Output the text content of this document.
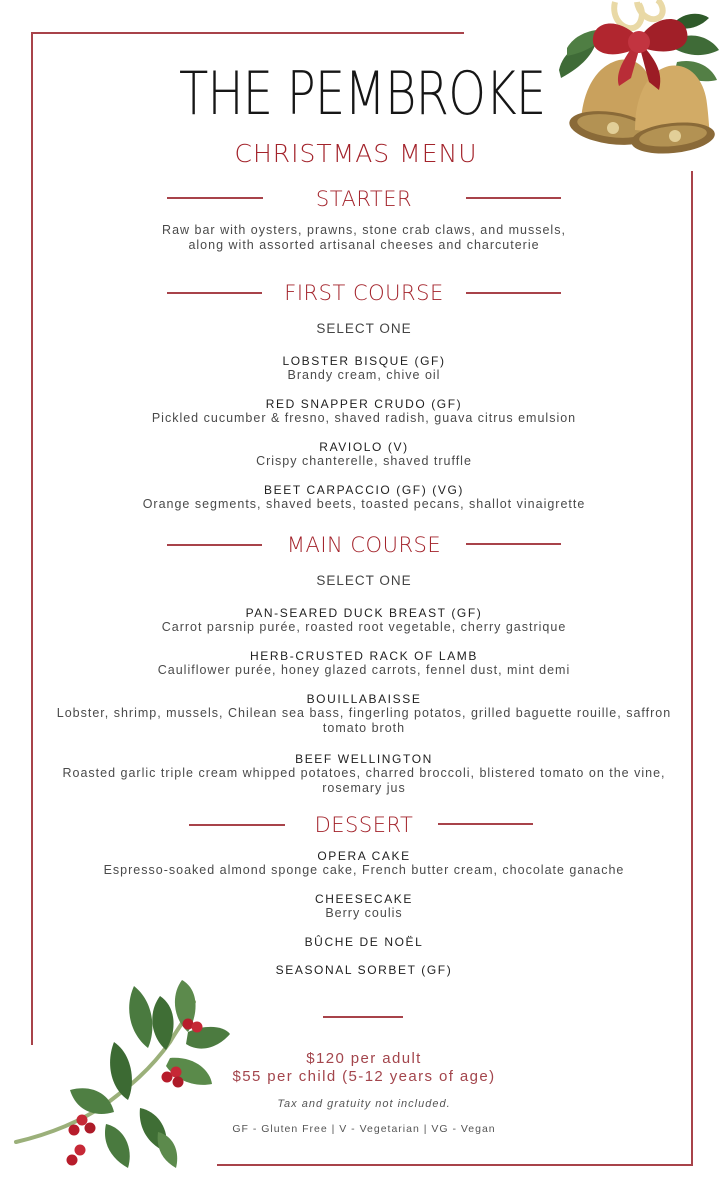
THE PEMBROKE
CHRISTMAS MENU
STARTER
Raw bar with oysters, prawns, stone crab claws, and mussels,
along with assorted artisanal cheeses and charcuterie
FIRST COURSE
SELECT ONE
LOBSTER BISQUE (GF)
Brandy cream, chive oil
RED SNAPPER CRUDO (GF)
Pickled cucumber & fresno, shaved radish, guava citrus emulsion
RAVIOLO (V)
Crispy chanterelle, shaved truffle
BEET CARPACCIO (GF) (VG)
Orange segments, shaved beets, toasted pecans, shallot vinaigrette
MAIN COURSE
SELECT ONE
PAN-SEARED DUCK BREAST (GF)
Carrot parsnip purée, roasted root vegetable, cherry gastrique
HERB-CRUSTED RACK OF LAMB
Cauliflower purée, honey glazed carrots, fennel dust, mint demi
BOUILLABAISSE
Lobster, shrimp, mussels, Chilean sea bass, fingerling potatos, grilled baguette rouille, saffron tomato broth
BEEF WELLINGTON
Roasted garlic triple cream whipped potatoes, charred broccoli, blistered tomato on the vine, rosemary jus
DESSERT
OPERA CAKE
Espresso-soaked almond sponge cake, French butter cream, chocolate ganache
CHEESECAKE
Berry coulis
BÛCHE DE NOËL
SEASONAL SORBET (GF)
$120 per adult
$55 per child (5-12 years of age)
Tax and gratuity not included.
GF - Gluten Free | V - Vegetarian | VG - Vegan
